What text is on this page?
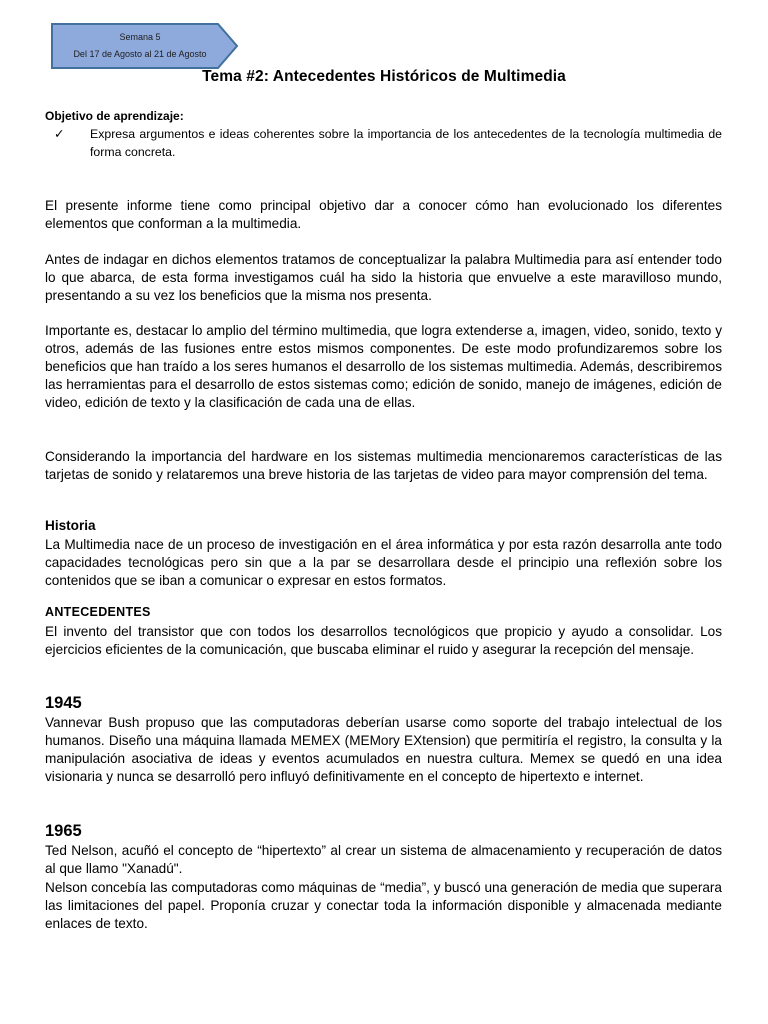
Semana 5
Del 17 de Agosto al 21 de Agosto
Tema #2: Antecedentes Históricos de Multimedia
Objetivo de aprendizaje:
✓ Expresa argumentos e ideas coherentes sobre la importancia de los antecedentes de la tecnología multimedia de forma concreta.

El presente informe tiene como principal objetivo dar a conocer cómo han evolucionado los diferentes elementos que conforman a la multimedia.

Antes de indagar en dichos elementos tratamos de conceptualizar la palabra Multimedia para así entender todo lo que abarca, de esta forma investigamos cuál ha sido la historia que envuelve a este maravilloso mundo, presentando a su vez los beneficios que la misma nos presenta.

Importante es, destacar lo amplio del término multimedia, que logra extenderse a, imagen, video, sonido, texto y otros, además de las fusiones entre estos mismos componentes. De este modo profundizaremos sobre los beneficios que han traído a los seres humanos el desarrollo de los sistemas multimedia. Además, describiremos las herramientas para el desarrollo de estos sistemas como; edición de sonido, manejo de imágenes, edición de video, edición de texto y la clasificación de cada una de ellas.

Considerando la importancia del hardware en los sistemas multimedia mencionaremos características de las tarjetas de sonido y relataremos una breve historia de las tarjetas de video para mayor comprensión del tema.

Historia

La Multimedia nace de un proceso de investigación en el área informática y por esta razón desarrolla ante todo capacidades tecnológicas pero sin que a la par se desarrollara desde el principio una reflexión sobre los contenidos que se iban a comunicar o expresar en estos formatos.

ANTECEDENTES

El invento del transistor que con todos los desarrollos tecnológicos que propicio y ayudo a consolidar. Los ejercicios eficientes de la comunicación, que buscaba eliminar el ruido y asegurar la recepción del mensaje.

1945

Vannevar Bush propuso que las computadoras deberían usarse como soporte del trabajo intelectual de los humanos. Diseño una máquina llamada MEMEX (MEMory EXtension) que permitiría el registro, la consulta y la manipulación asociativa de ideas y eventos acumulados en nuestra cultura. Memex se quedó en una idea visionaria y nunca se desarrolló pero influyó definitivamente en el concepto de hipertexto e internet.

1965

Ted Nelson, acuñó el concepto de “hipertexto” al crear un sistema de almacenamiento y recuperación de datos al que llamo "Xanadú".

Nelson concebía las computadoras como máquinas de “media”, y buscó una generación de media que superara las limitaciones del papel. Proponía cruzar y conectar toda la información disponible y almacenada mediante enlaces de texto.
